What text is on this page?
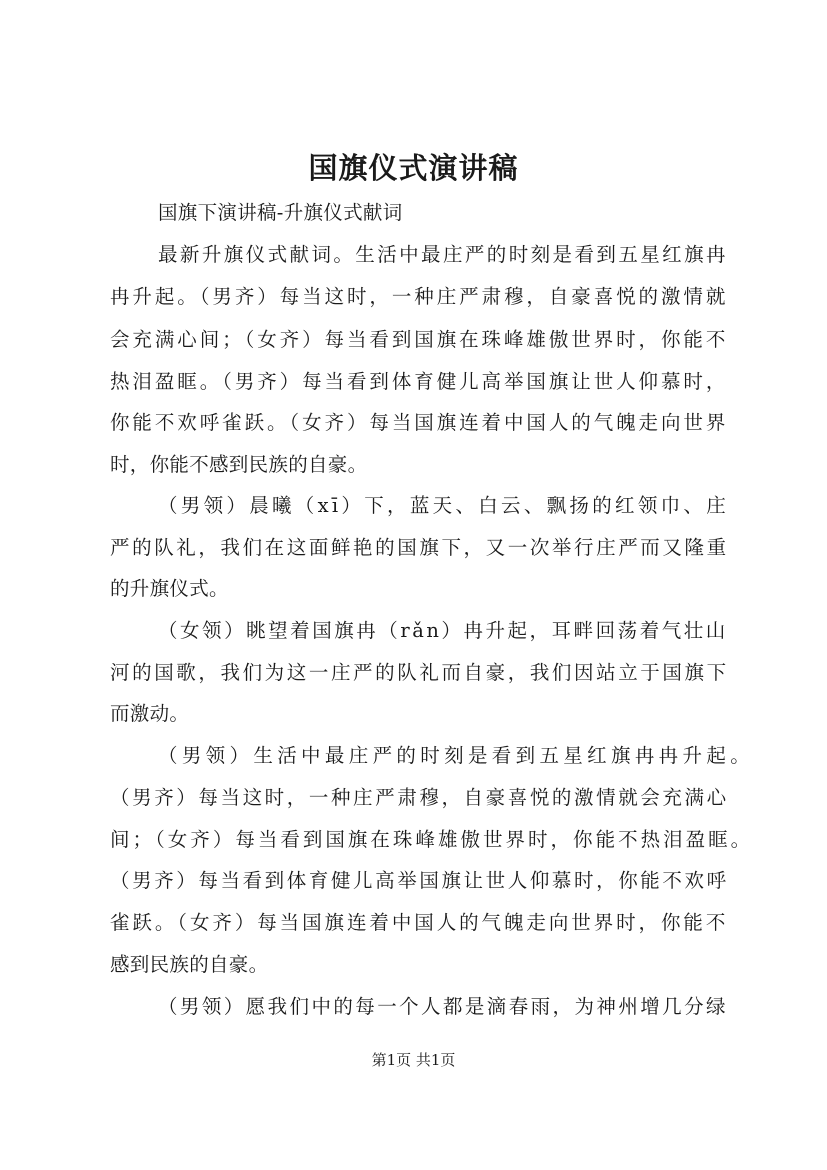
国旗仪式演讲稿
国旗下演讲稿-升旗仪式献词
最新升旗仪式献词。生活中最庄严的时刻是看到五星红旗冉
冉升起。（男齐）每当这时，一种庄严肃穆，自豪喜悦的激情就
会充满心间；（女齐）每当看到国旗在珠峰雄傲世界时，你能不
热泪盈眶。（男齐）每当看到体育健儿高举国旗让世人仰慕时，
你能不欢呼雀跃。（女齐）每当国旗连着中国人的气魄走向世界
时，你能不感到民族的自豪。
（男领）晨曦（xī）下，蓝天、白云、飘扬的红领巾、庄
严的队礼，我们在这面鲜艳的国旗下，又一次举行庄严而又隆重
的升旗仪式。
（女领）眺望着国旗冉（rǎn）冉升起，耳畔回荡着气壮山
河的国歌，我们为这一庄严的队礼而自豪，我们因站立于国旗下
而激动。
（男领）生活中最庄严的时刻是看到五星红旗冉冉升起。
（男齐）每当这时，一种庄严肃穆，自豪喜悦的激情就会充满心
间；（女齐）每当看到国旗在珠峰雄傲世界时，你能不热泪盈眶。
（男齐）每当看到体育健儿高举国旗让世人仰慕时，你能不欢呼
雀跃。（女齐）每当国旗连着中国人的气魄走向世界时，你能不
感到民族的自豪。
（男领）愿我们中的每一个人都是滴春雨，为神州增几分绿
第1页 共1页
